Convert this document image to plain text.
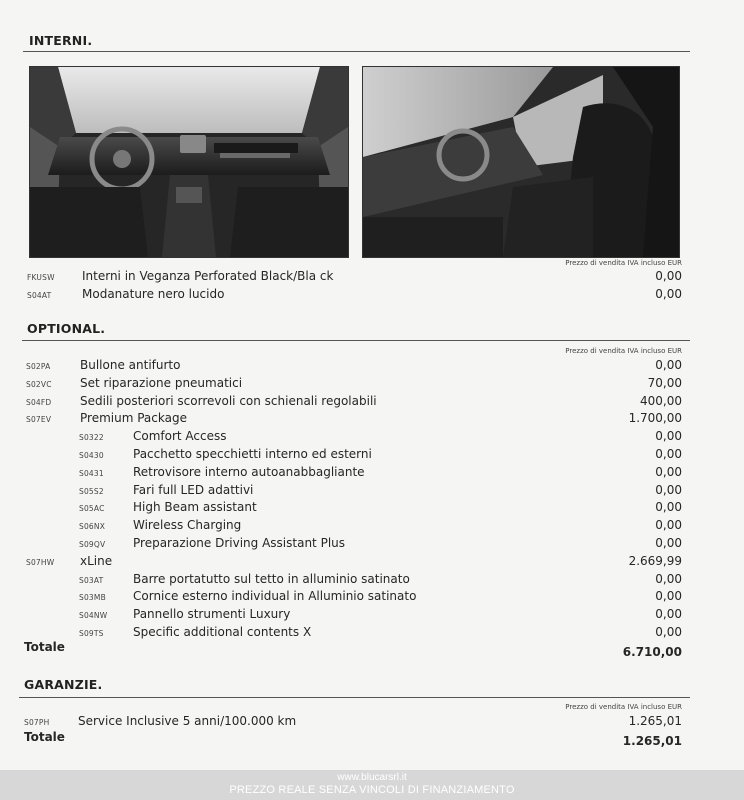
INTERNI.
Prezzo di vendita IVA incluso EUR
FKUSW Interni in Veganza Perforated Black/Bla ck	0,00
S04AT	Modanature nero lucido	0,00
OPTIONAL.
Prezzo di vendita IVA incluso EUR
S02PA Bullone antifurto	0,00
S02VC Set riparazione pneumatici	70,00
S04FD Sedili posteriori scorrevoli con schienali regolabili	400,00
S07EV Premium Package	1.700,00
S0322 Comfort Access	0,00
S0430 Pacchetto specchietti interno ed esterni	0,00
S0431 Retrovisore interno autoanabbagliante	0,00
S05S2 Fari full LED adattivi	0,00
S05AC High Beam assistant	0,00
S06NX Wireless Charging	0,00
S09QV Preparazione Driving Assistant Plus	0,00
S07HW xLine	2.669,99
S03AT Barre portatutto sul tetto in alluminio satinato	0,00
S03MB Cornice esterno individual in Alluminio satinato	0,00
S04NW Pannello strumenti Luxury	0,00
S09TS Specific additional contents X	0,00
Totale	6.710,00
GARANZIE.
Prezzo di vendita IVA incluso EUR
S07PH Service Inclusive 5 anni/100.000 km	1.265,01
Totale	1.265,01
www.blucarsrl.it
PREZZO REALE SENZA VINCOLI DI FINANZIAMENTO
